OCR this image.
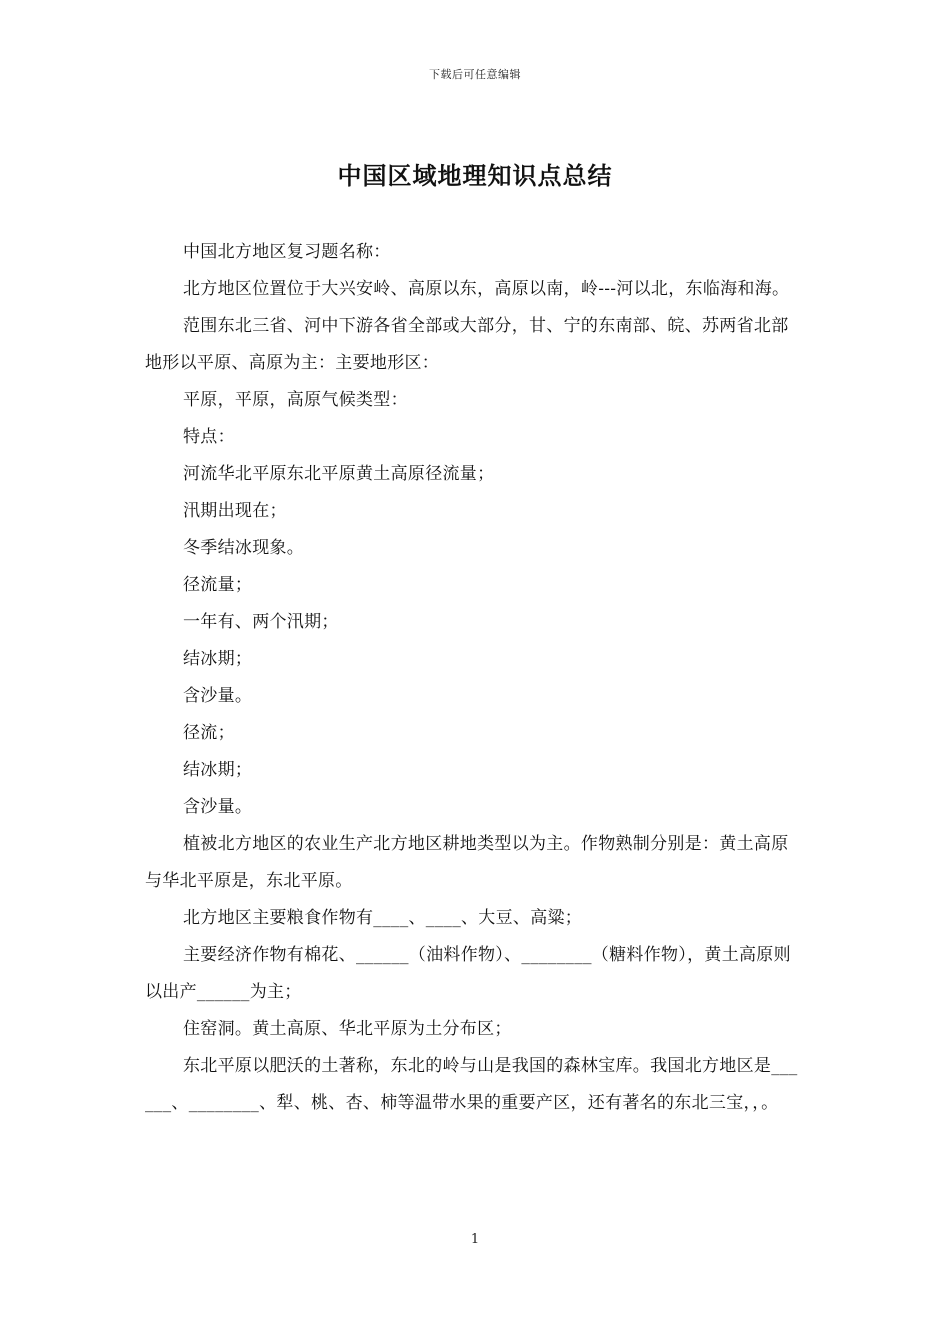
下载后可任意编辑
中国区域地理知识点总结

中国北方地区复习题名称：

北方地区位置位于大兴安岭、高原以东，高原以南，岭---河以北，东临海和海。

范围东北三省、河中下游各省全部或大部分，甘、宁的东南部、皖、苏两省北部地形以平原、高原为主：主要地形区：

平原，平原，高原气候类型：

特点：

河流华北平原东北平原黄土高原径流量；

汛期出现在；

冬季结冰现象。

径流量；

一年有、两个汛期；

结冰期；

含沙量。

径流；

结冰期；

含沙量。

植被北方地区的农业生产北方地区耕地类型以为主。作物熟制分别是：黄土高原与华北平原是，东北平原。

北方地区主要粮食作物有____、____、大豆、高粱；

主要经济作物有棉花、______（油料作物）、________（糖料作物），黄土高原则以出产______为主；

住窑洞。黄土高原、华北平原为土分布区；

东北平原以肥沃的土著称，东北的岭与山是我国的森林宝库。我国北方地区是______、________、犁、桃、杏、柿等温带水果的重要产区，还有著名的东北三宝，，。

1
